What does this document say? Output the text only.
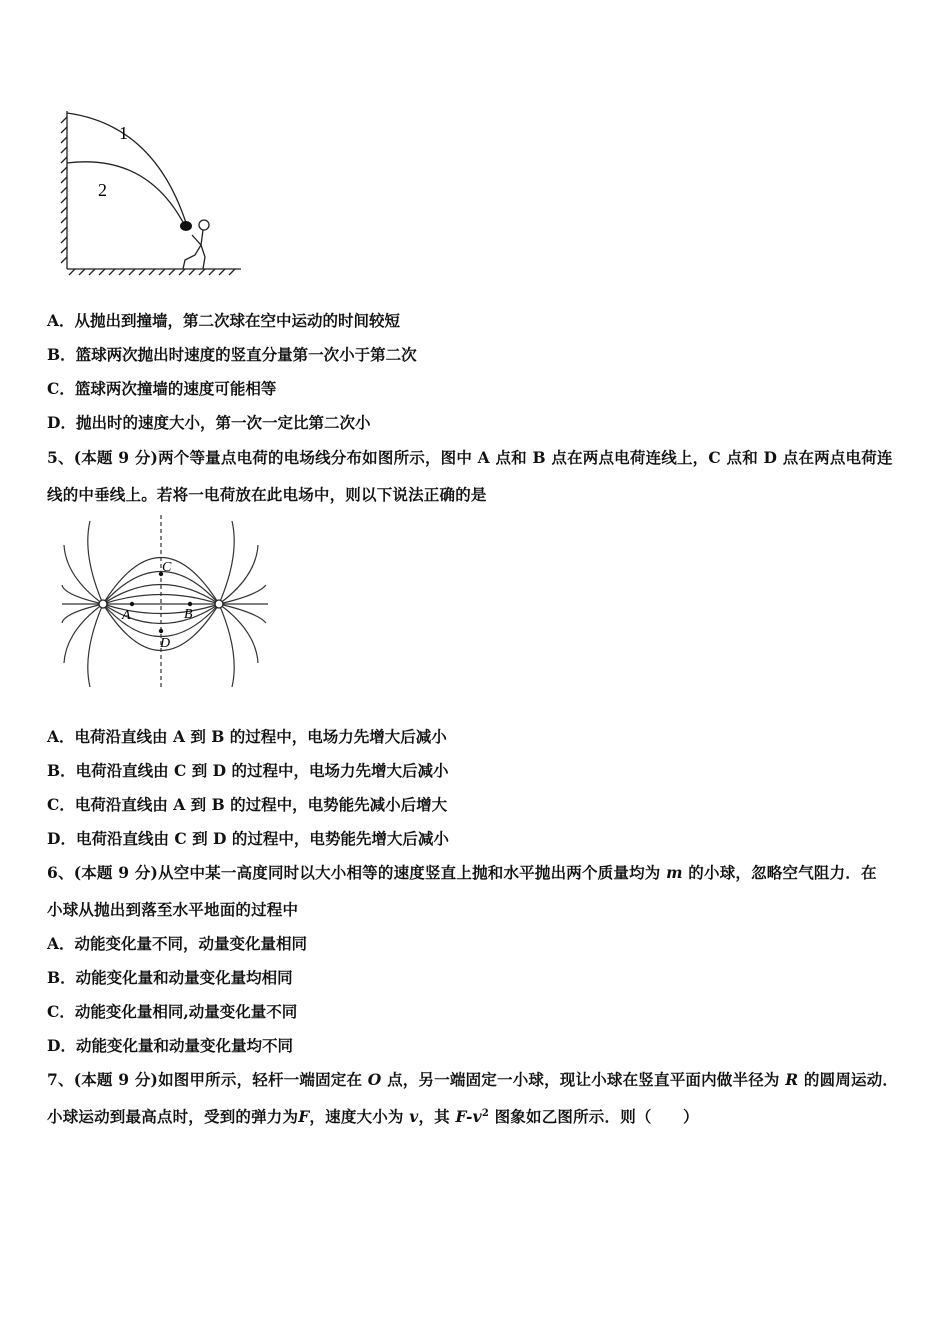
1
2
A．从抛出到撞墙，第二次球在空中运动的时间较短
B．篮球两次抛出时速度的竖直分量第一次小于第二次
C．篮球两次撞墙的速度可能相等
D．抛出时的速度大小，第一次一定比第二次小
5、(本题 9 分)两个等量点电荷的电场线分布如图所示，图中 A 点和 B 点在两点电荷连线上，C 点和 D 点在两点电荷连
线的中垂线上。若将一电荷放在此电场中，则以下说法正确的是
A	B
C
D
A．电荷沿直线由 A 到 B 的过程中，电场力先增大后减小
B．电荷沿直线由 C 到 D 的过程中，电场力先增大后减小
C．电荷沿直线由 A 到 B 的过程中，电势能先减小后增大
D．电荷沿直线由 C 到 D 的过程中，电势能先增大后减小
6、(本题 9 分)从空中某一高度同时以大小相等的速度竖直上抛和水平抛出两个质量均为 m 的小球，忽略空气阻力．在
小球从抛出到落至水平地面的过程中
A．动能变化量不同，动量变化量相同
B．动能变化量和动量变化量均相同
C．动能变化量相同,动量变化量不同
D．动能变化量和动量变化量均不同
7、(本题 9 分)如图甲所示，轻杆一端固定在 O 点，另一端固定一小球，现让小球在竖直平面内做半径为 R 的圆周运动．
小球运动到最高点时，受到的弹力为F，速度大小为 v，其 $F-v^2$ 图象如乙图所示．则（　　）
